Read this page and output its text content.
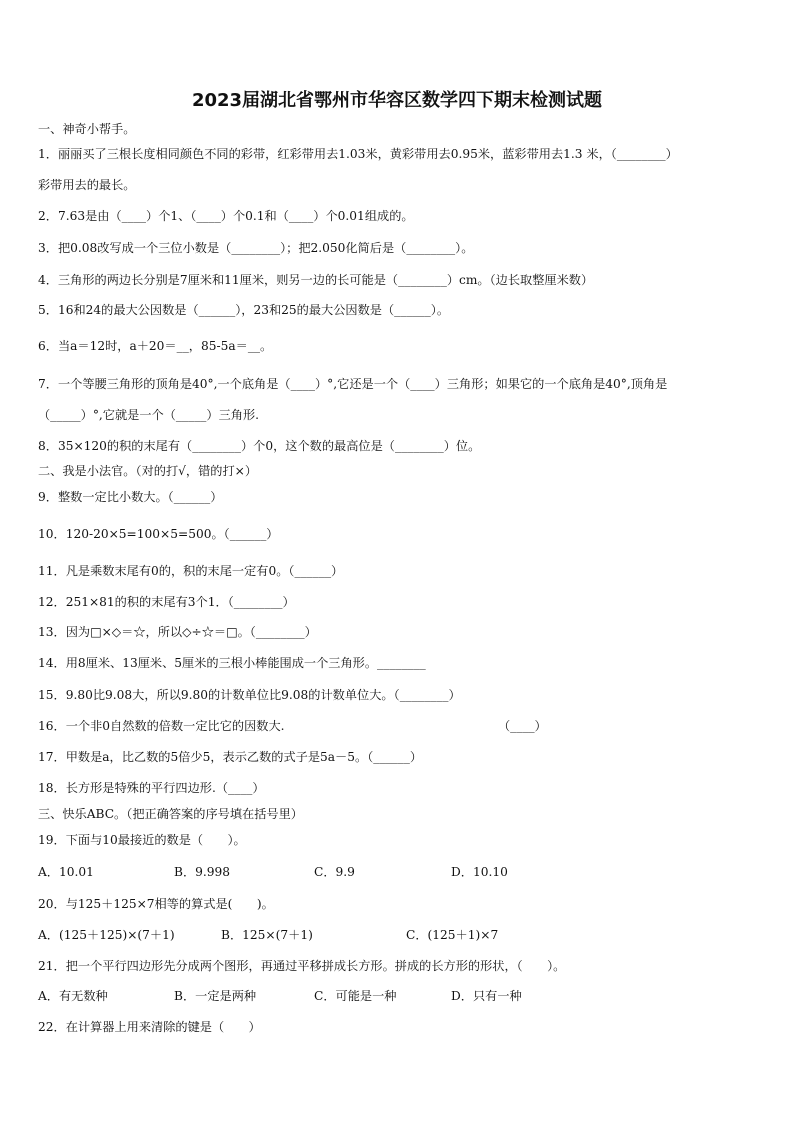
2023届湖北省鄂州市华容区数学四下期末检测试题
一、神奇小帮手。
1．丽丽买了三根长度相同颜色不同的彩带，红彩带用去1.03米，黄彩带用去0.95米，蓝彩带用去1.3 米，（________）
彩带用去的最长。
2．7.63是由（____）个1、（____）个0.1和（____）个0.01组成的。
3．把0.08改写成一个三位小数是（________）；把2.050化简后是（________）。
4．三角形的两边长分别是7厘米和11厘米，则另一边的长可能是（________）cm。（边长取整厘米数）
5．16和24的最大公因数是（______），23和25的最大公因数是（______）。
6．当a＝12时，a＋20＝__，85-5a＝__。
7．一个等腰三角形的顶角是40°,一个底角是（____）°,它还是一个（____）三角形；如果它的一个底角是40°,顶角是
（_____）°,它就是一个（_____）三角形.
8．35×120的积的末尾有（________）个0，这个数的最高位是（________）位。
二、我是小法官。（对的打√，错的打×）
9．整数一定比小数大。（______）
10．120-20×5=100×5=500。（______）
11．凡是乘数末尾有0的，积的末尾一定有0。（______）
12．251×81的积的末尾有3个1．（________）
13．因为□×◇＝☆，所以◇÷☆＝□。（________）
14．用8厘米、13厘米、5厘米的三根小棒能围成一个三角形。________
15．9.80比9.08大，所以9.80的计数单位比9.08的计数单位大。（________）
16．一个非0自然数的倍数一定比它的因数大.	（____）
17．甲数是a，比乙数的5倍少5，表示乙数的式子是5a－5。（______）
18．长方形是特殊的平行四边形.（____）
三、快乐ABC。（把正确答案的序号填在括号里）
19．下面与10最接近的数是（　　）。
A．10.01	B．9.998	C．9.9	D．10.10
20．与125＋125×7相等的算式是(　　)。
A．(125＋125)×(7＋1)	B．125×(7＋1)	C．(125＋1)×7
21．把一个平行四边形先分成两个图形，再通过平移拼成长方形。拼成的长方形的形状，（　　）。
A．有无数种	B．一定是两种	C．可能是一种	D．只有一种
22．在计算器上用来清除的键是（　　）
